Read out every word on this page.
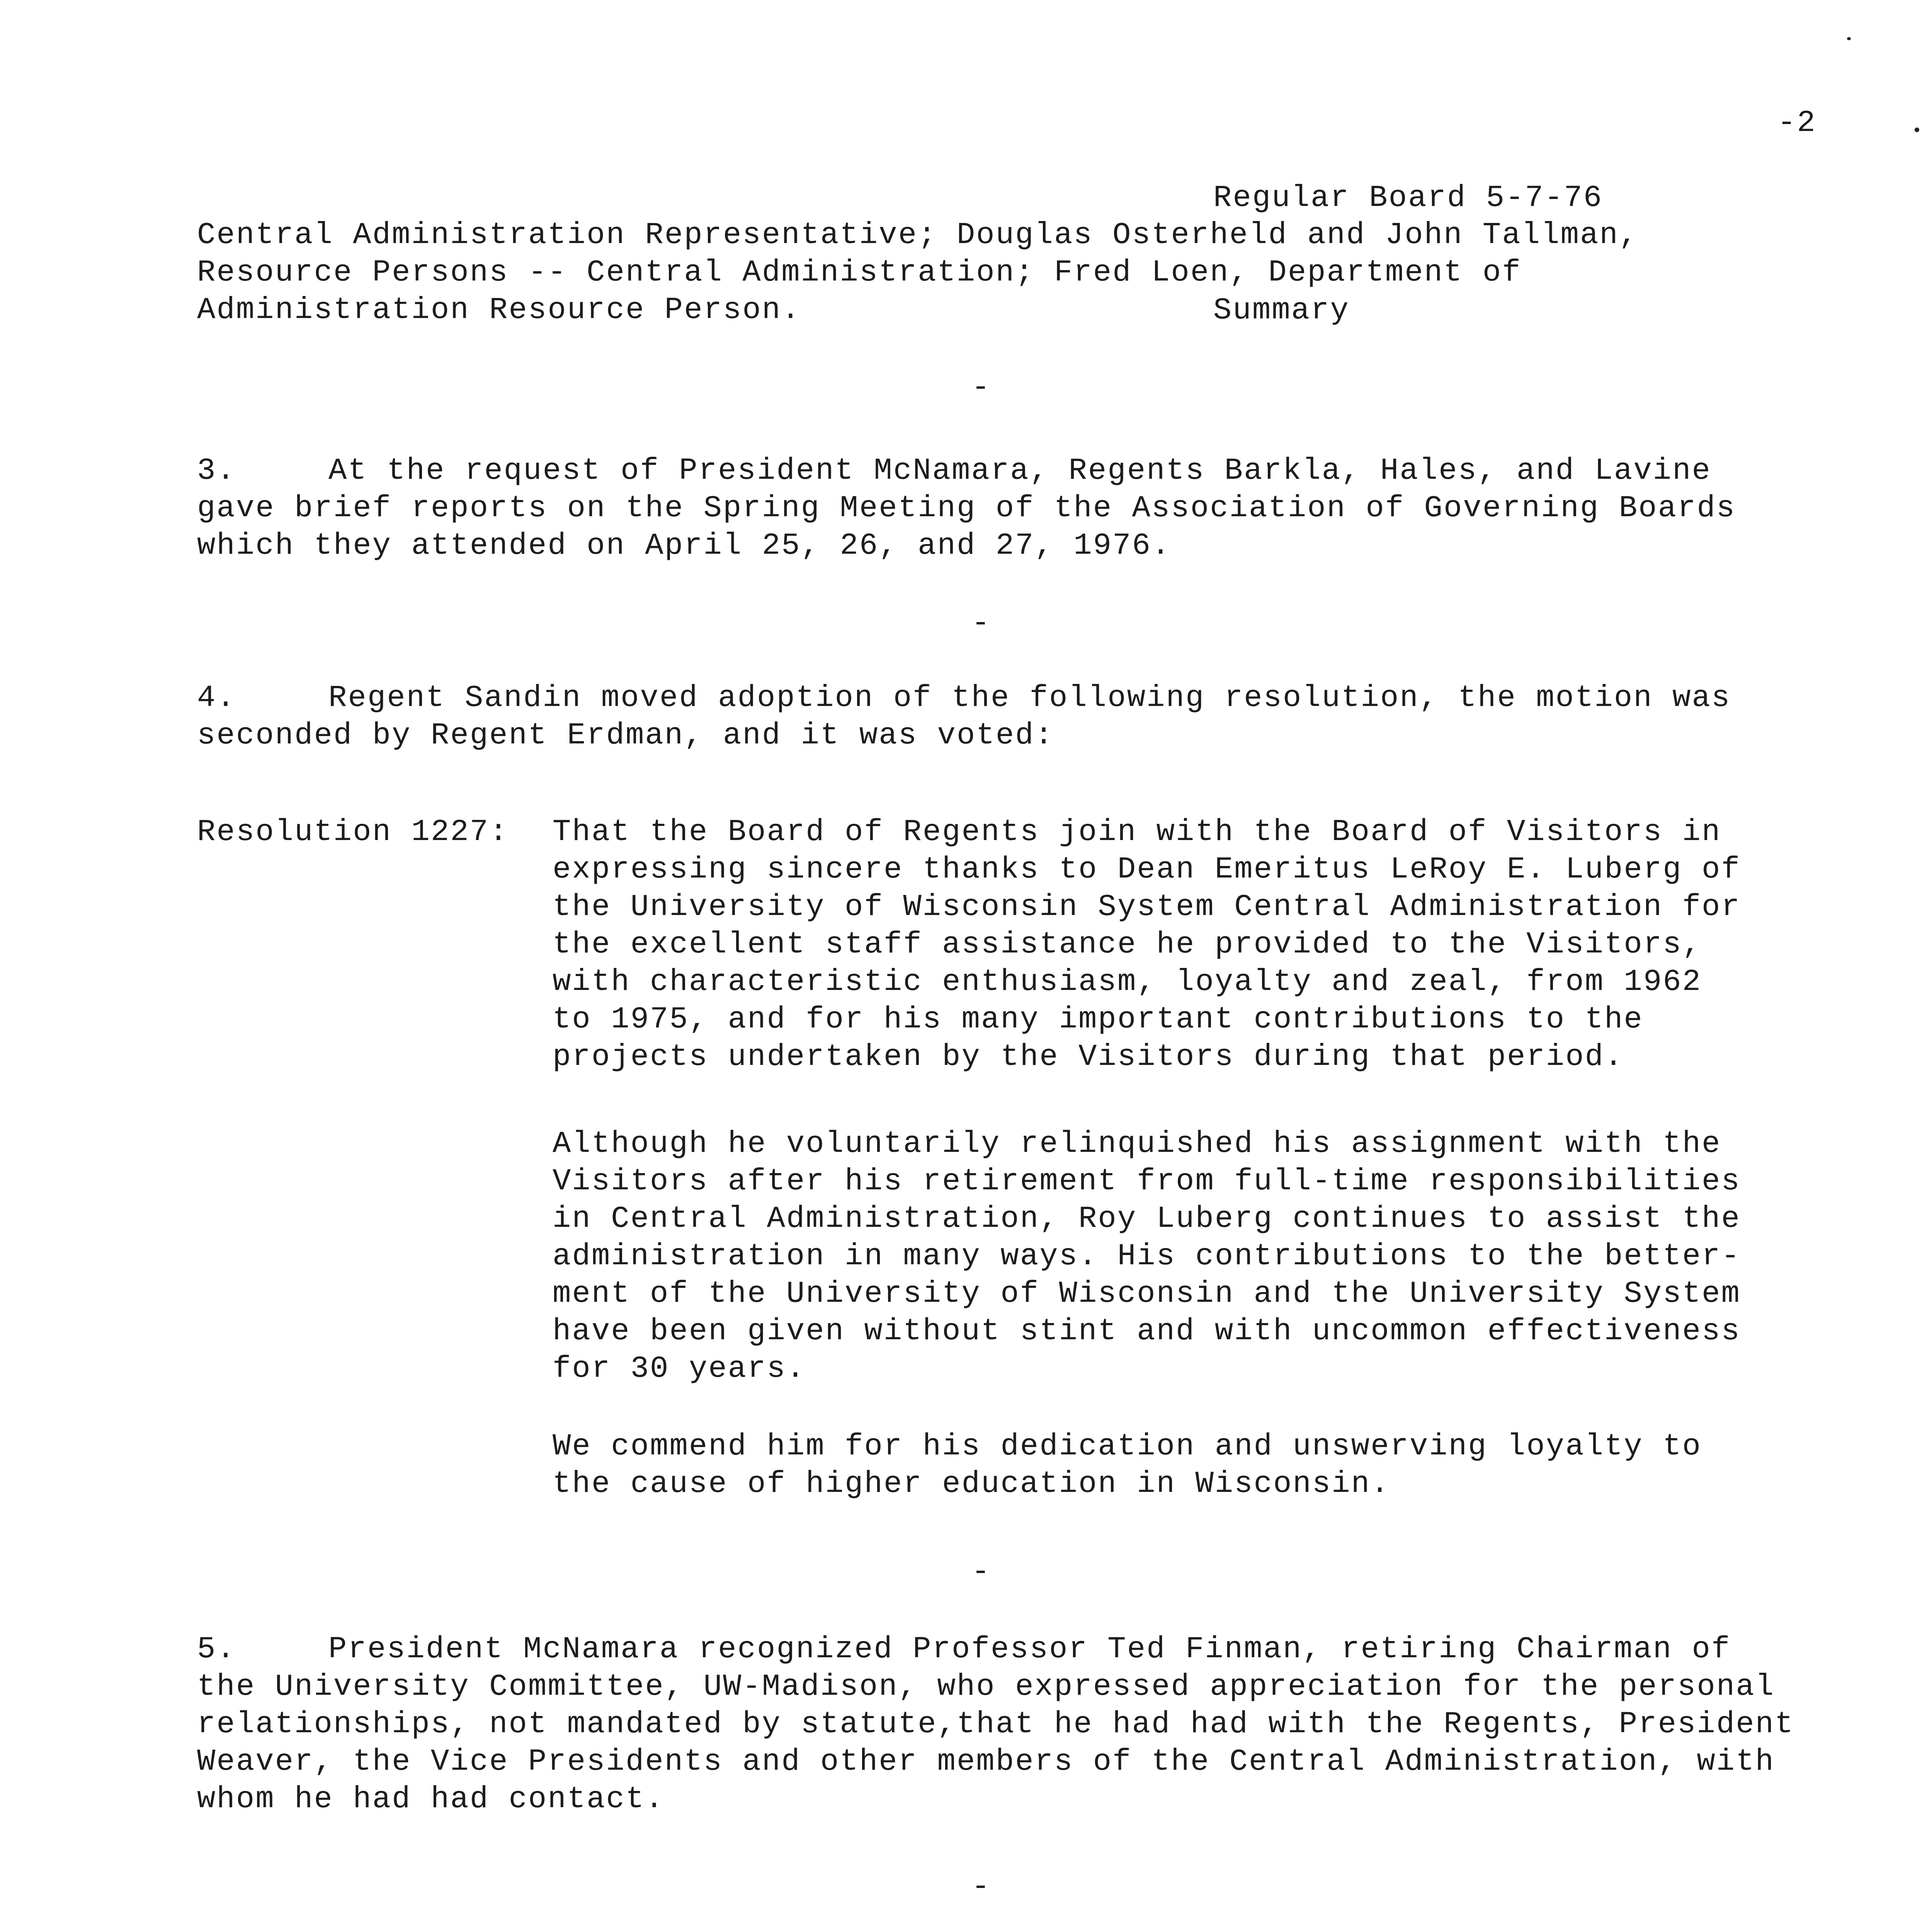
Regular Board 5-7-76

Summary

-2
Central Administration Representative; Douglas Osterheld and John Tallman, Resource Persons -- Central Administration; Fred Loen, Department of Administration Resource Person.
-
3.	At the request of President McNamara, Regents Barkla, Hales, and Lavine gave brief reports on the Spring Meeting of the Association of Governing Boards which they attended on April 25, 26, and 27, 1976.
-
4.	Regent Sandin moved adoption of the following resolution, the motion was seconded by Regent Erdman, and it was voted:
Resolution 1227: That the Board of Regents join with the Board of Visitors in expressing sincere thanks to Dean Emeritus LeRoy E. Luberg of the University of Wisconsin System Central Administration for the excellent staff assistance he provided to the Visitors, with characteristic enthusiasm, loyalty and zeal, from 1962 to 1975, and for his many important contributions to the projects undertaken by the Visitors during that period.
Although he voluntarily relinquished his assignment with the Visitors after his retirement from full-time responsibilities in Central Administration, Roy Luberg continues to assist the administration in many ways. His contributions to the better-ment of the University of Wisconsin and the University System have been given without stint and with uncommon effectiveness for 30 years.
We commend him for his dedication and unswerving loyalty to the cause of higher education in Wisconsin.
-
5.	President McNamara recognized Professor Ted Finman, retiring Chairman of the University Committee, UW-Madison, who expressed appreciation for the personal relationships, not mandated by statute,that he had had with the Regents, President Weaver, the Vice Presidents and other members of the Central Administration, with whom he had had contact.
-
